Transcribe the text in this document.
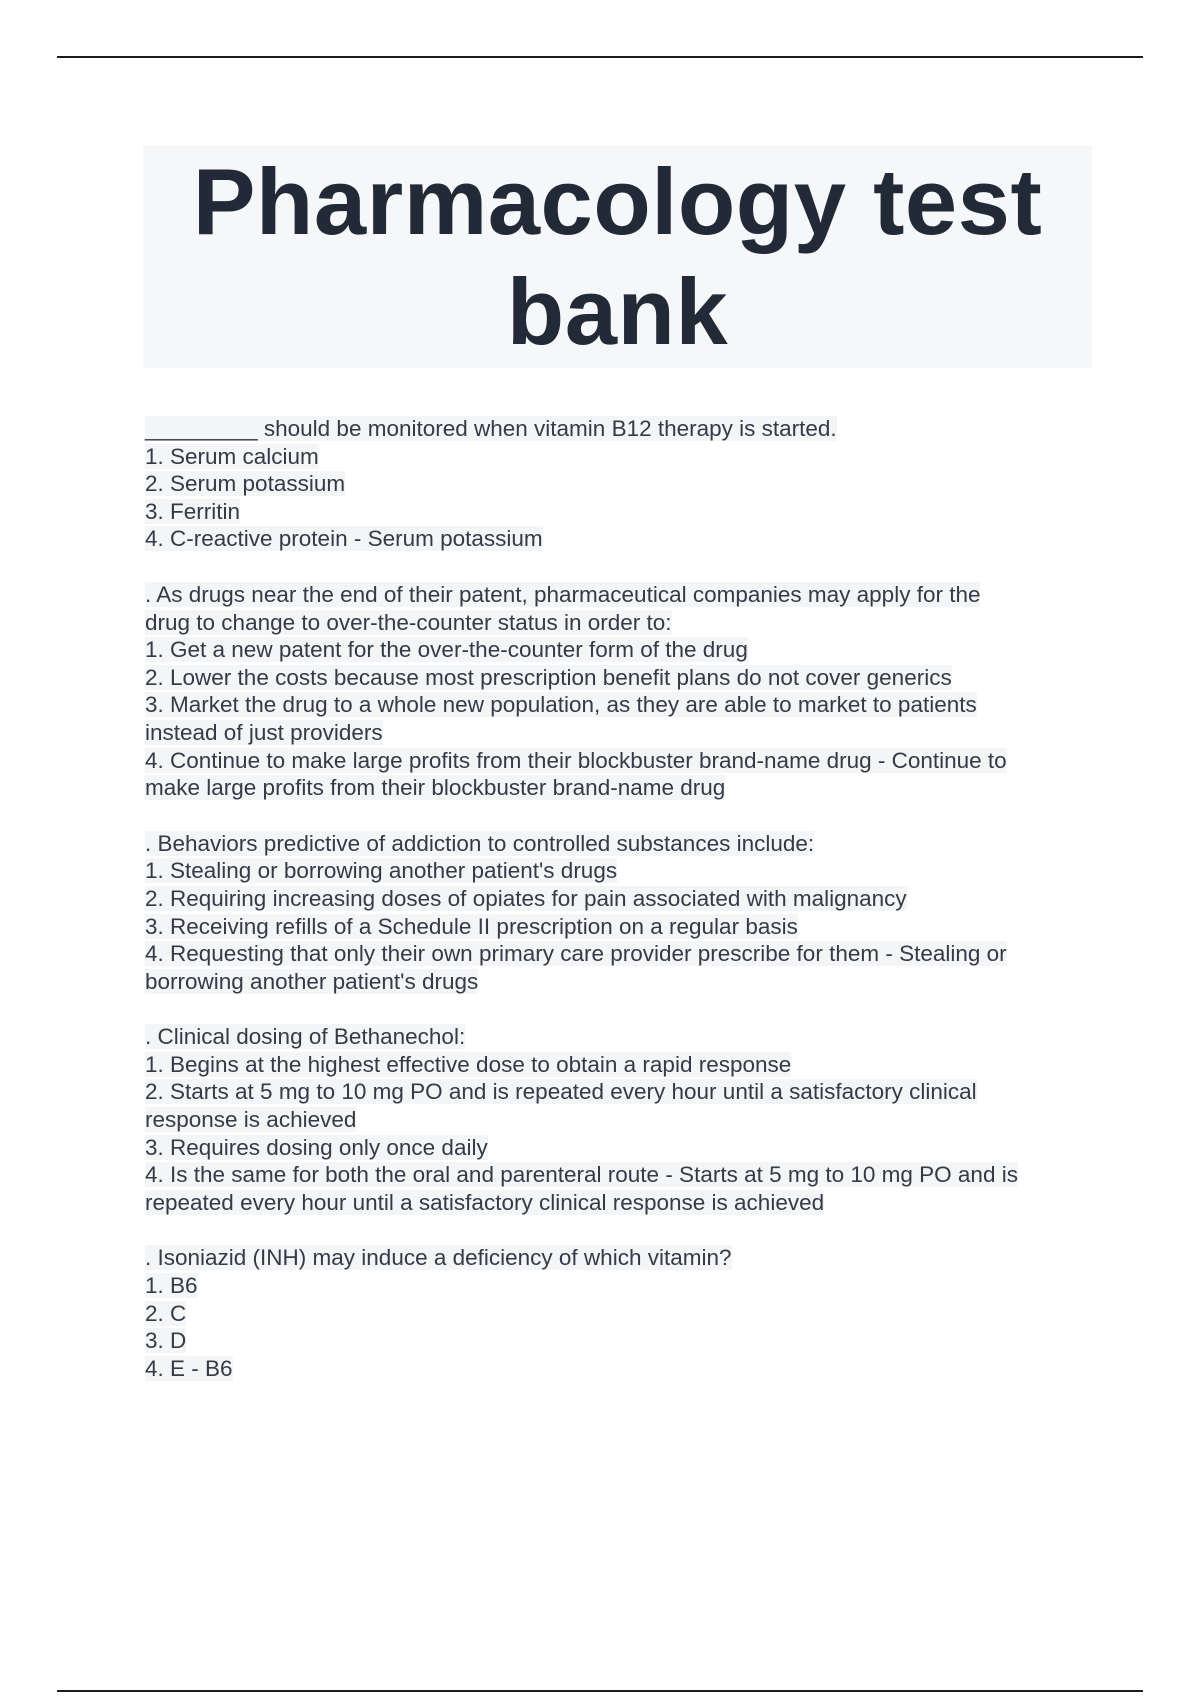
Pharmacology test
bank
_________ should be monitored when vitamin B12 therapy is started.
1. Serum calcium
2. Serum potassium
3. Ferritin
4. C-reactive protein - Serum potassium
. As drugs near the end of their patent, pharmaceutical companies may apply for the
drug to change to over-the-counter status in order to:
1. Get a new patent for the over-the-counter form of the drug
2. Lower the costs because most prescription benefit plans do not cover generics
3. Market the drug to a whole new population, as they are able to market to patients
instead of just providers
4. Continue to make large profits from their blockbuster brand-name drug - Continue to
make large profits from their blockbuster brand-name drug
. Behaviors predictive of addiction to controlled substances include:
1. Stealing or borrowing another patient's drugs
2. Requiring increasing doses of opiates for pain associated with malignancy
3. Receiving refills of a Schedule II prescription on a regular basis
4. Requesting that only their own primary care provider prescribe for them - Stealing or
borrowing another patient's drugs
. Clinical dosing of Bethanechol:
1. Begins at the highest effective dose to obtain a rapid response
2. Starts at 5 mg to 10 mg PO and is repeated every hour until a satisfactory clinical
response is achieved
3. Requires dosing only once daily
4. Is the same for both the oral and parenteral route - Starts at 5 mg to 10 mg PO and is
repeated every hour until a satisfactory clinical response is achieved
. Isoniazid (INH) may induce a deficiency of which vitamin?
1. B6
2. C
3. D
4. E - B6
